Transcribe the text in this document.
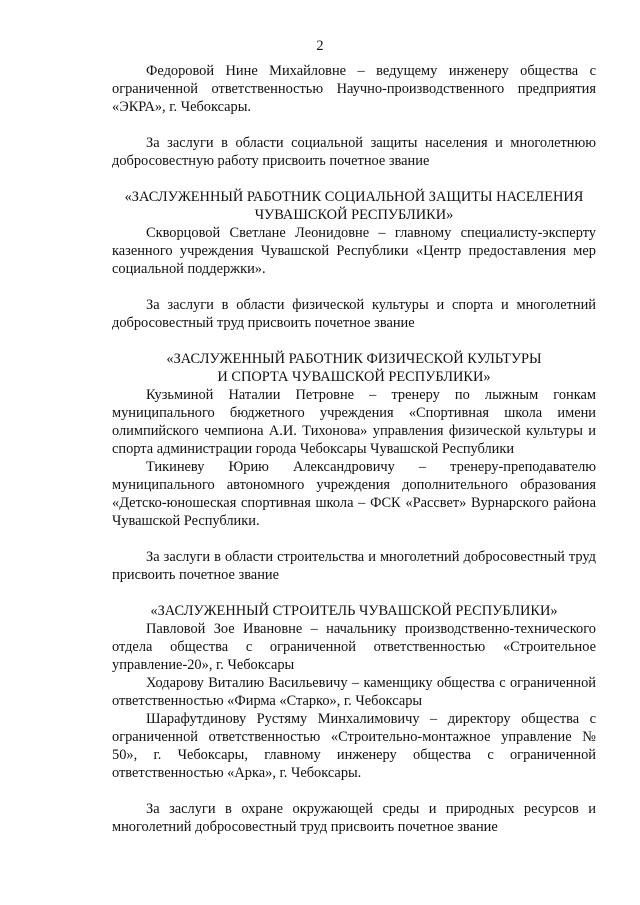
2

Федоровой Нине Михайловне – ведущему инженеру общества с ограниченной ответственностью Научно-производственного предприятия «ЭКРА», г. Чебоксары.

За заслуги в области социальной защиты населения и многолетнюю добросовестную работу присвоить почетное звание

«ЗАСЛУЖЕННЫЙ РАБОТНИК СОЦИАЛЬНОЙ ЗАЩИТЫ НАСЕЛЕНИЯ
ЧУВАШСКОЙ РЕСПУБЛИКИ»

Скворцовой Светлане Леонидовне – главному специалисту-эксперту казенного учреждения Чувашской Республики «Центр предоставления мер социальной поддержки».

За заслуги в области физической культуры и спорта и многолетний добросовестный труд присвоить почетное звание

«ЗАСЛУЖЕННЫЙ РАБОТНИК ФИЗИЧЕСКОЙ КУЛЬТУРЫ
И СПОРТА ЧУВАШСКОЙ РЕСПУБЛИКИ»

Кузьминой Наталии Петровне – тренеру по лыжным гонкам муниципального бюджетного учреждения «Спортивная школа имени олимпийского чемпиона А.И. Тихонова» управления физической культуры и спорта администрации города Чебоксары Чувашской Республики

Тикиневу Юрию Александровичу – тренеру-преподавателю муниципального автономного учреждения дополнительного образования «Детско-юношеская спортивная школа – ФСК «Рассвет» Вурнарского района Чувашской Республики.

За заслуги в области строительства и многолетний добросовестный труд присвоить почетное звание

«ЗАСЛУЖЕННЫЙ СТРОИТЕЛЬ ЧУВАШСКОЙ РЕСПУБЛИКИ»

Павловой Зое Ивановне – начальнику производственно-технического отдела общества с ограниченной ответственностью «Строительное управление-20», г. Чебоксары

Ходарову Виталию Васильевичу – каменщику общества с ограниченной ответственностью «Фирма «Старко», г. Чебоксары

Шарафутдинову Рустяму Минхалимовичу – директору общества с ограниченной ответственностью «Строительно-монтажное управление № 50», г. Чебоксары, главному инженеру общества с ограниченной ответственностью «Арка», г. Чебоксары.

За заслуги в охране окружающей среды и природных ресурсов и многолетний добросовестный труд присвоить почетное звание
